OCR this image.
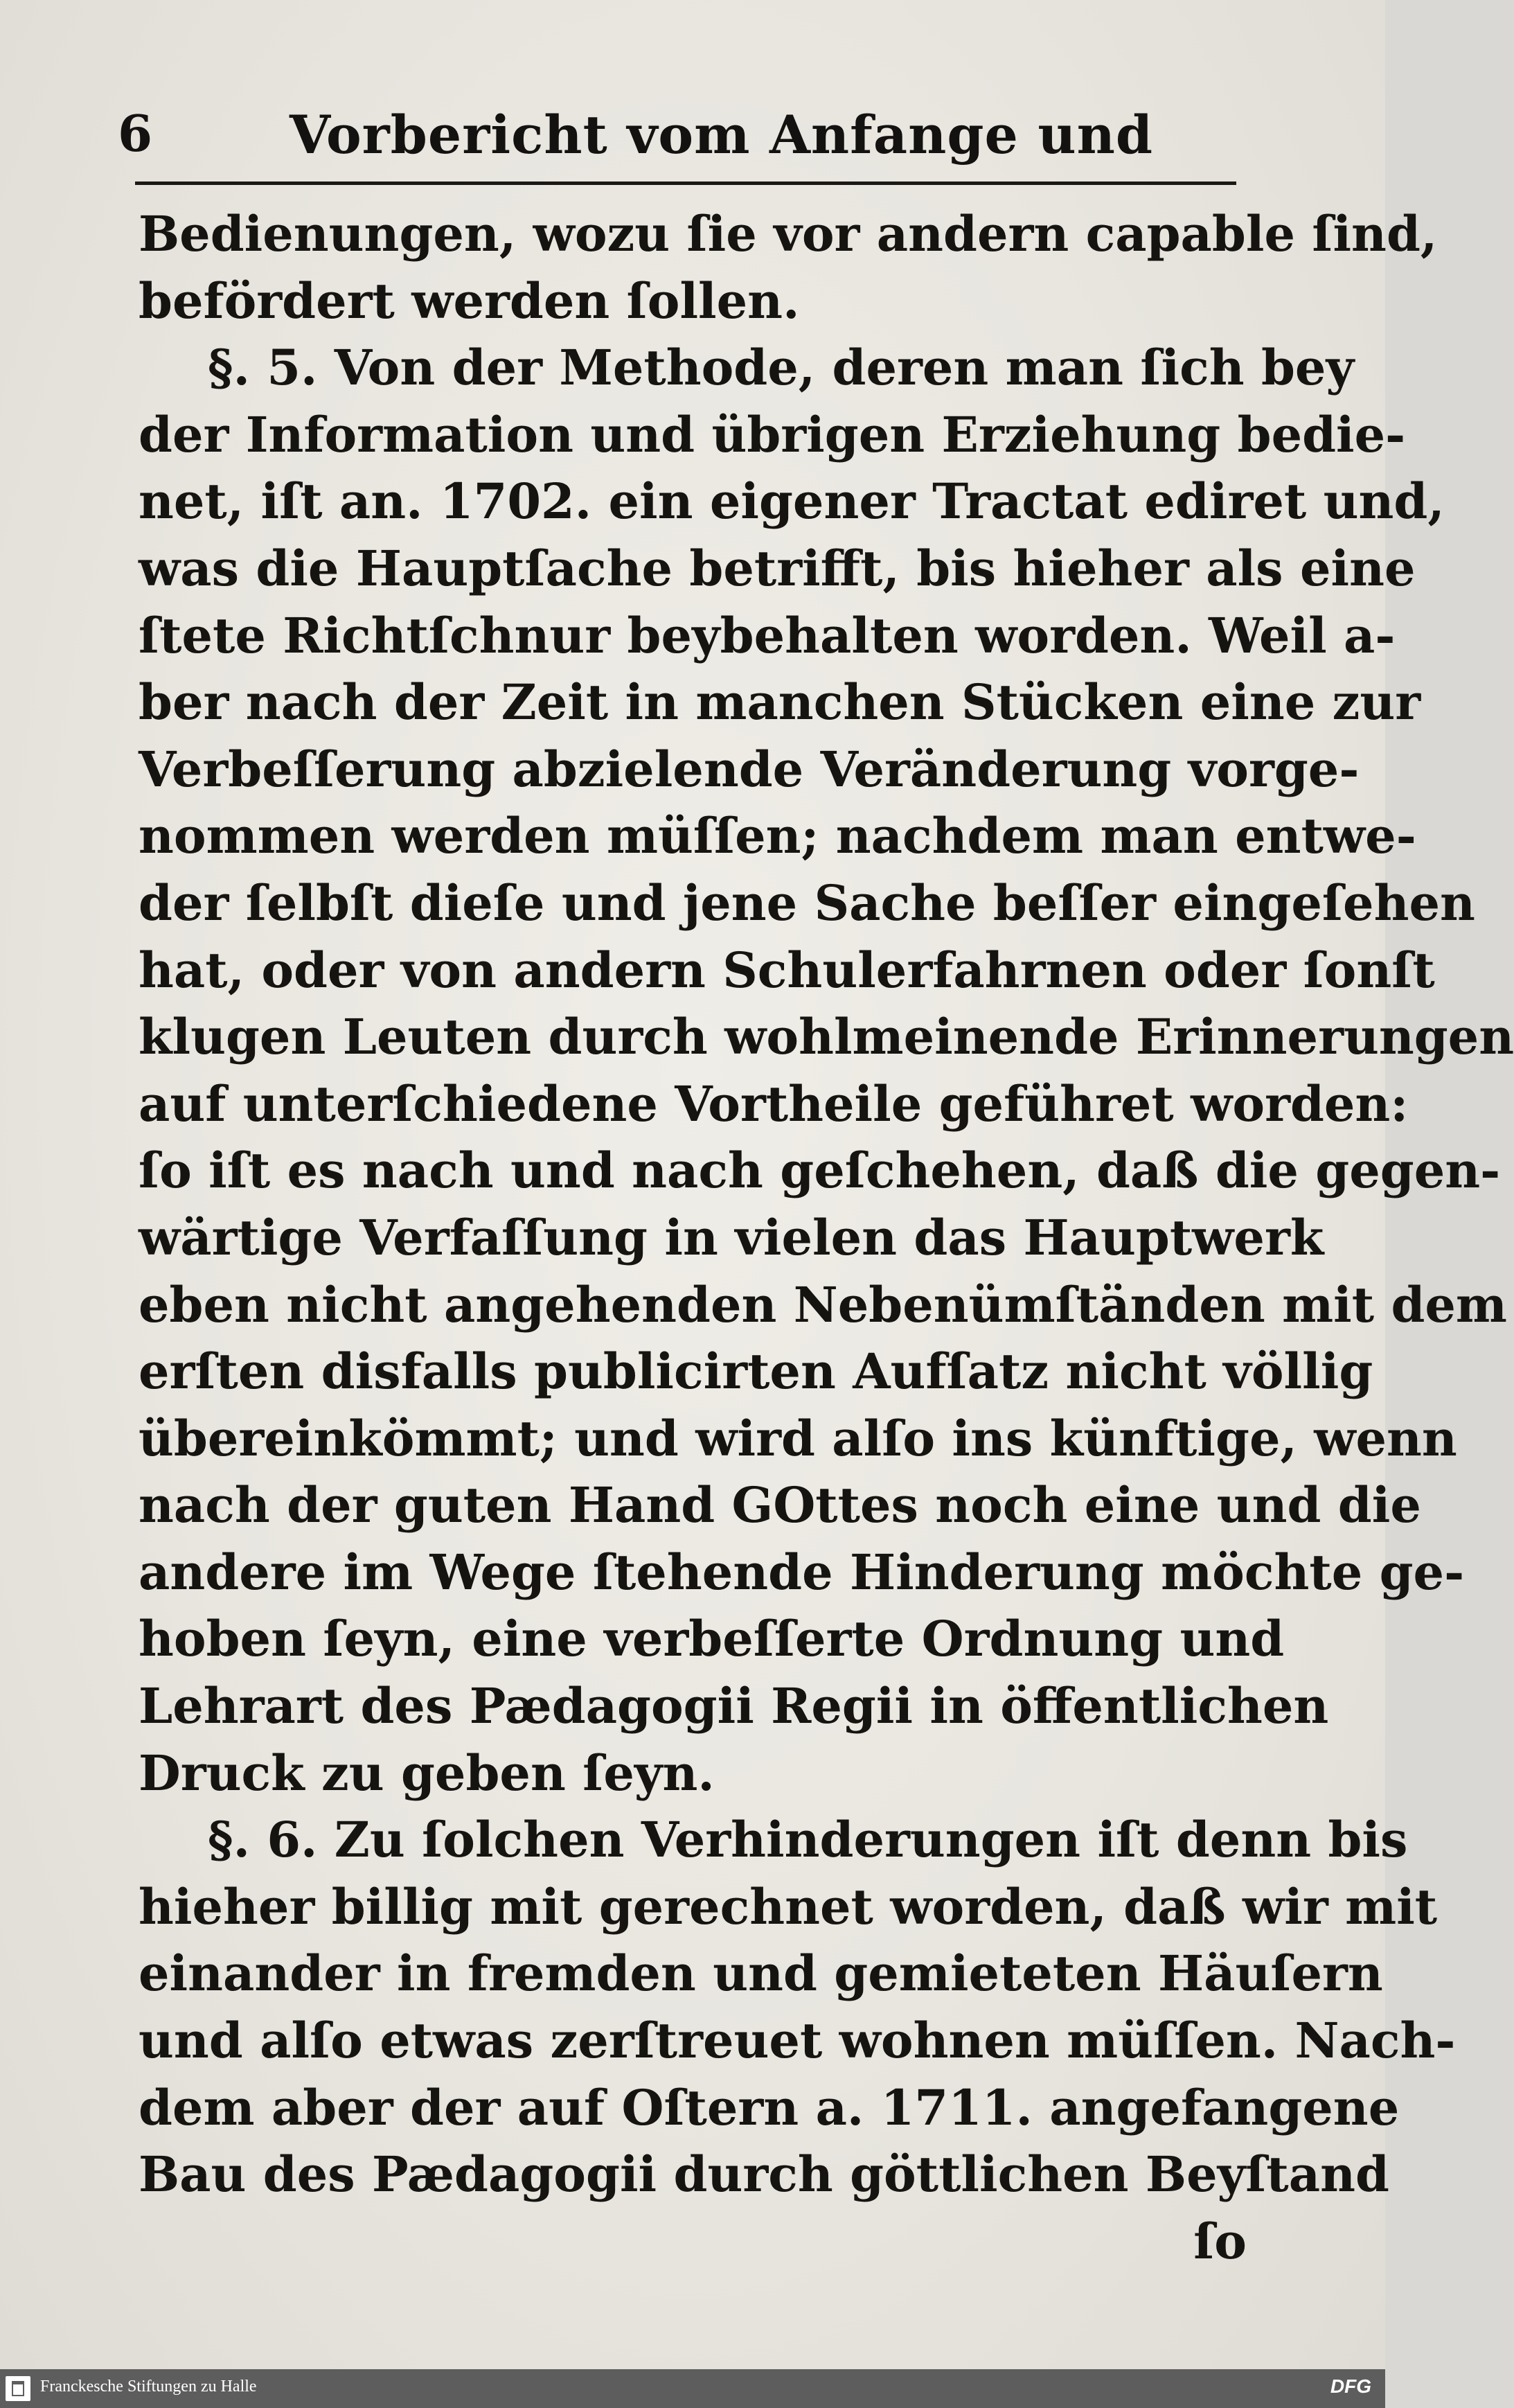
6	Vorbericht vom Anfange und
Bedienungen, wozu ſie vor andern capable ſind,
befördert werden ſollen.
§. 5. Von der Methode, deren man ſich bey
der Information und übrigen Erziehung bedie-
net, iſt an. 1702. ein eigener Tractat ediret und,
was die Hauptſache betrifft, bis hieher als eine
ſtete Richtſchnur beybehalten worden. Weil a-
ber nach der Zeit in manchen Stücken eine zur
Verbeſſerung abzielende Veränderung vorge-
nommen werden müſſen; nachdem man entwe-
der ſelbſt dieſe und jene Sache beſſer eingeſehen
hat, oder von andern Schulerfahrnen oder ſonſt
klugen Leuten durch wohlmeinende Erinnerungen
auf unterſchiedene Vortheile geführet worden:
ſo iſt es nach und nach geſchehen, daß die gegen-
wärtige Verfaſſung in vielen das Hauptwerk
eben nicht angehenden Nebenümſtänden mit dem
erſten disfalls publicirten Aufſatz nicht völlig
übereinkömmt; und wird alſo ins künftige, wenn
nach der guten Hand GOttes noch eine und die
andere im Wege ſtehende Hinderung möchte ge-
hoben ſeyn, eine verbeſſerte Ordnung und
Lehrart des Pædagogii Regii in öffentlichen
Druck zu geben ſeyn.
§. 6. Zu ſolchen Verhinderungen iſt denn bis
hieher billig mit gerechnet worden, daß wir mit
einander in fremden und gemieteten Häuſern
und alſo etwas zerſtreuet wohnen müſſen. Nach-
dem aber der auf Oſtern a. 1711. angefangene
Bau des Pædagogii durch göttlichen Beyſtand
ſo
Franckesche Stiftungen zu Halle	DFG
